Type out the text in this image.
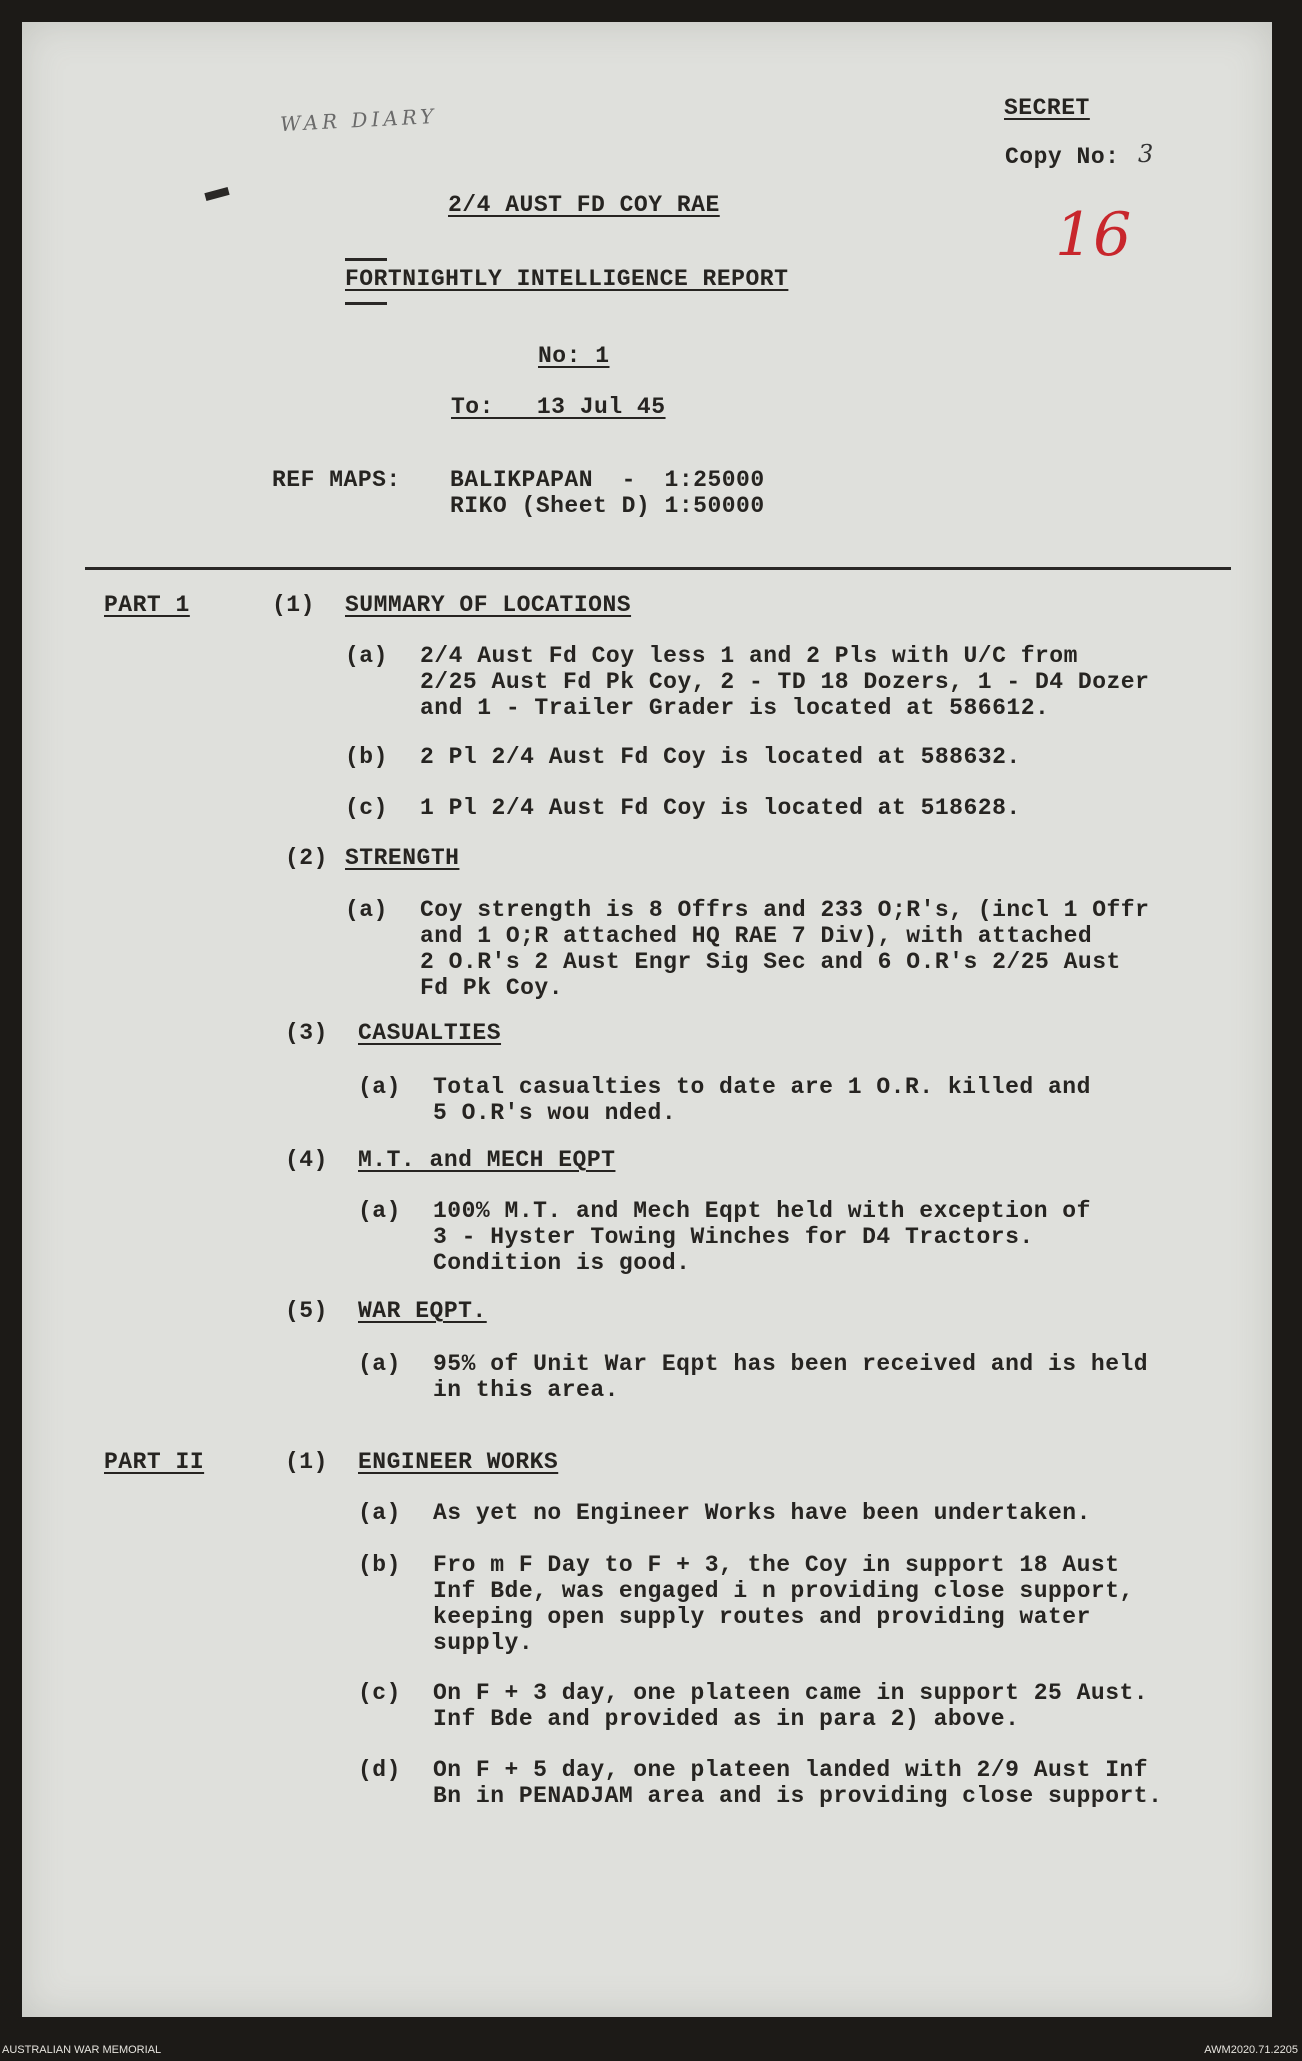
WAR DIARY
3
16
SECRET
Copy No:
2/4 AUST FD COY RAE
FORTNIGHTLY INTELLIGENCE REPORT
No: 1
To:   13 Jul 45
REF MAPS: BALIKPAPAN  -  1:25000
RIKO (Sheet D) 1:50000
PART 1	(1) SUMMARY OF LOCATIONS
(a) 2/4 Aust Fd Coy less 1 and 2 Pls with U/C from
2/25 Aust Fd Pk Coy, 2 - TD 18 Dozers, 1 - D4 Dozer
and 1 - Trailer Grader is located at 586612.
(b) 2 Pl 2/4 Aust Fd Coy is located at 588632.
(c) 1 Pl 2/4 Aust Fd Coy is located at 518628.
(2) STRENGTH
(a) Coy strength is 8 Offrs and 233 O;R's, (incl 1 Offr
and 1 O;R attached HQ RAE 7 Div), with attached
2 O.R's 2 Aust Engr Sig Sec and 6 O.R's 2/25 Aust
Fd Pk Coy.
(3) CASUALTIES
(a) Total casualties to date are 1 O.R. killed and
5 O.R's wou nded.
(4) M.T. and MECH EQPT
(a) 100% M.T. and Mech Eqpt held with exception of
3 - Hyster Towing Winches for D4 Tractors.
Condition is good.
(5) WAR EQPT.
(a) 95% of Unit War Eqpt has been received and is held
in this area.
PART II	(1) ENGINEER WORKS
(a) As yet no Engineer Works have been undertaken.
(b) Fro m F Day to F + 3, the Coy in support 18 Aust
Inf Bde, was engaged i n providing close support,
keeping open supply routes and providing water
supply.
(c) On F + 3 day, one plateen came in support 25 Aust.
Inf Bde and provided as in para 2) above.
(d) On F + 5 day, one plateen landed with 2/9 Aust Inf
Bn in PENADJAM area and is providing close support.
AUSTRALIAN WAR MEMORIAL	AWM2020.71.2205
